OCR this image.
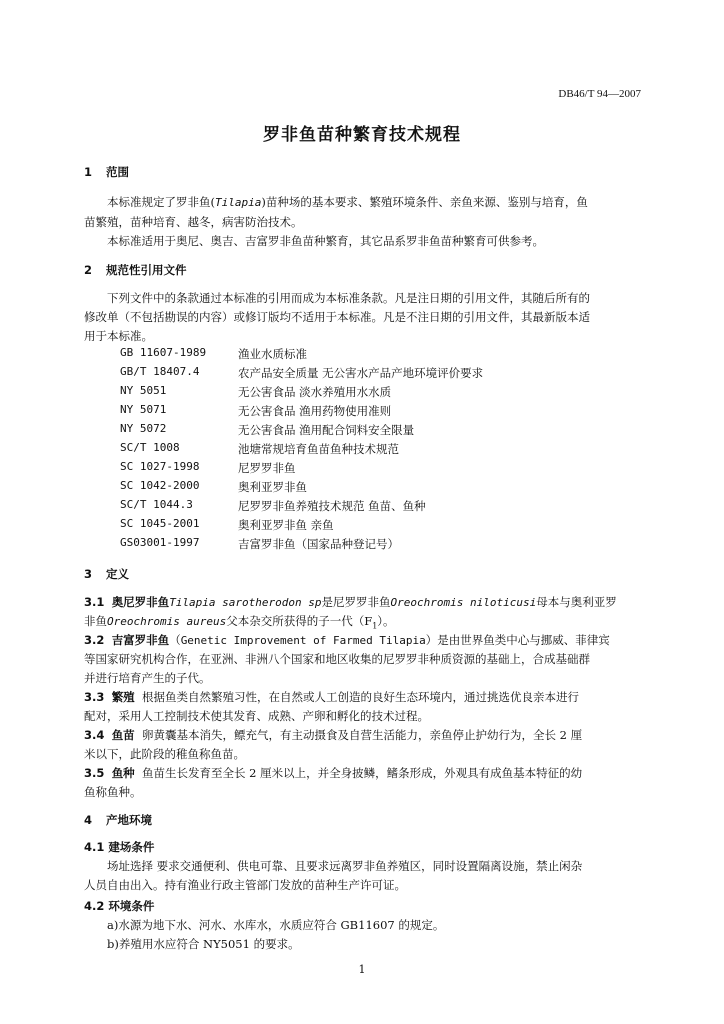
DB46/T 94—2007
罗非鱼苗种繁育技术规程
1 范围
本标准规定了罗非鱼(Tilapia)苗种场的基本要求、繁殖环境条件、亲鱼来源、鉴别与培育，鱼
苗繁殖，苗种培育、越冬，病害防治技术。
本标准适用于奥尼、奥吉、吉富罗非鱼苗种繁育，其它品系罗非鱼苗种繁育可供参考。
2 规范性引用文件
下列文件中的条款通过本标准的引用而成为本标准条款。凡是注日期的引用文件，其随后所有的
修改单（不包括勘误的内容）或修订版均不适用于本标准。凡是不注日期的引用文件，其最新版本适
用于本标准。
GB 11607-1989	渔业水质标准
GB/T 18407.4	农产品安全质量 无公害水产品产地环境评价要求
NY 5051	无公害食品 淡水养殖用水水质
NY 5071	无公害食品 渔用药物使用准则
NY 5072	无公害食品 渔用配合饲料安全限量
SC/T 1008	池塘常规培育鱼苗鱼种技术规范
SC 1027-1998	尼罗罗非鱼
SC 1042-2000	奥利亚罗非鱼
SC/T 1044.3	尼罗罗非鱼养殖技术规范 鱼苗、鱼种
SC 1045-2001	奥利亚罗非鱼 亲鱼
GS03001-1997	吉富罗非鱼（国家品种登记号）
3 定义
3.1 奥尼罗非鱼Tilapia sarotherodon sp是尼罗罗非鱼Oreochromis niloticusi母本与奥利亚罗
非鱼Oreochromis aureus父本杂交所获得的子一代$(F_1)$。
3.2 吉富罗非鱼（Genetic Improvement of Farmed Tilapia）是由世界鱼类中心与挪威、菲律宾
等国家研究机构合作，在亚洲、非洲八个国家和地区收集的尼罗罗非种质资源的基础上，合成基础群
并进行培育产生的子代。
3.3 繁殖 根据鱼类自然繁殖习性，在自然或人工创造的良好生态环境内，通过挑选优良亲本进行
配对，采用人工控制技术使其发育、成熟、产卵和孵化的技术过程。
3.4 鱼苗 卵黄囊基本消失，鳔充气，有主动摄食及自营生活能力，亲鱼停止护幼行为，全长 2 厘
米以下，此阶段的稚鱼称鱼苗。
3.5 鱼种 鱼苗生长发育至全长 2 厘米以上，并全身披鳞，鳍条形成，外观具有成鱼基本特征的幼
鱼称鱼种。
4 产地环境
4.1 建场条件
场址选择 要求交通便利、供电可靠、且要求远离罗非鱼养殖区，同时设置隔离设施，禁止闲杂
人员自由出入。持有渔业行政主管部门发放的苗种生产许可证。
4.2 环境条件
a)水源为地下水、河水、水库水，水质应符合 GB11607 的规定。
b)养殖用水应符合 NY5051 的要求。
1
